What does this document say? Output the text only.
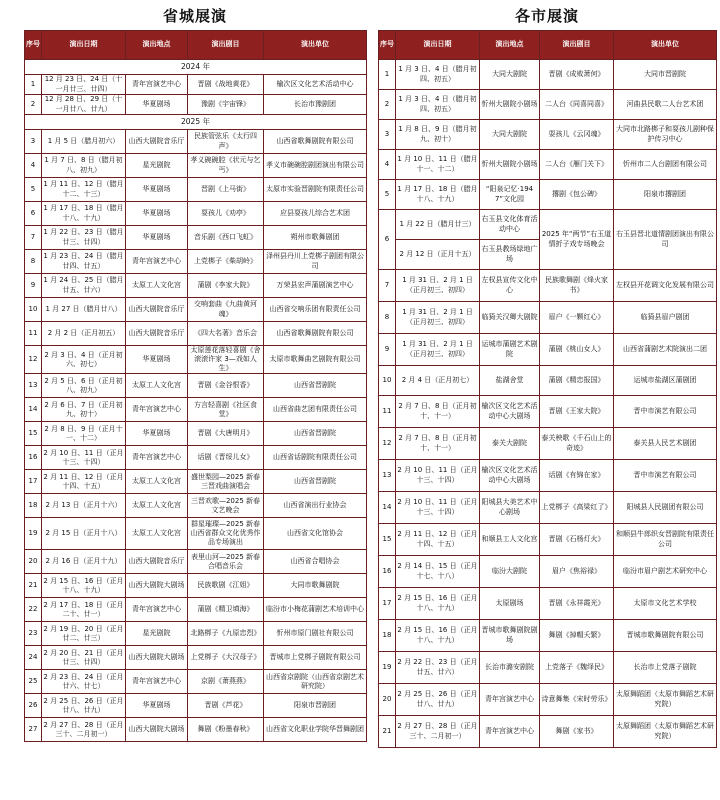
省城展演
序号	演出日期	演出地点	演出剧目	演出单位
2024 年				
1	12 月 23 日、24 日（十一月廿三、廿四）	青年宫演艺中心	晋剧《战地黄花》	榆次区文化艺术活动中心
2	12 月 28 日、29 日（十一月廿八、廿九）	华夏剧场	豫剧《宇宙锋》	长治市豫剧团
2025 年				
3	1 月 5 日（腊月初六）	山西大剧院音乐厅	民族管弦乐《太行四声》	山西省歌舞剧院有限公司
4	1 月 7 日、8 日（腊月初八、初九）	星光剧院	孝义碗碗腔《状元与乞丐》	孝义市碗碗腔剧团演出有限公司
5	1 月 11 日、12 日（腊月十二、十三）	华夏剧场	晋剧《上马街》	太原市实验晋剧院有限责任公司
6	1 月 17 日、18 日（腊月十八、十九）	华夏剧场	耍孩儿《劝亭》	应县耍孩儿综合艺术团
7	1 月 22 日、23 日（腊月廿三、廿四）	华夏剧场	音乐剧《西口飞虹》	朔州市歌舞剧团
8	1 月 23 日、24 日（腊月廿四、廿五）	青年宫演艺中心	上党梆子《柴胡岭》	泽州县丹川上党梆子剧团有限公司
9	1 月 24 日、25 日（腊月廿五、廿六）	太原工人文化宫	蒲剧《李家大院》	万荣县宏声蒲剧演艺中心
10	1 月 27 日（腊月廿八）	山西大剧院音乐厅	交响套曲《九曲黄河魂》	山西省交响乐团有限责任公司
11	2 月 2 日（正月初五）	山西大剧院音乐厅	《四大名著》音乐会	山西省歌舞剧院有限公司
12	2 月 3 日、4 日（正月初六、初七）	华夏剧场	太原莲花落轻喜剧《舍滚滚许家 3—戏如人生》	太原市歌舞曲艺剧院有限公司
13	2 月 5 日、6 日（正月初八、初九）	太原工人文化宫	晋剧《金谷恨香》	山西省晋剧院
14	2 月 6 日、7 日（正月初九、初十）	青年宫演艺中心	方言轻喜剧《社区食堂》	山西省曲艺团有限责任公司
15	2 月 8 日、9 日（正月十一、十二）	华夏剧场	晋剧《大唐明月》	山西省晋剧院
16	2 月 10 日、11 日（正月十三、十四）	青年宫演艺中心	话剧《晋绥儿女》	山西省话剧院有限责任公司
17	2 月 11 日、12 日（正月十四、十五）	太原工人文化宫	盛世梨园—2025 新春三晋戏曲演唱会	山西省晋剧院
18	2 月 13 日（正月十六）	太原工人文化宫	三晋欢歌—2025 新春文艺晚会	山西省演出行业协会
19	2 月 15 日（正月十八）	太原工人文化宫	群星璀璨—2025 新春山西省群众文化优秀作品专场演出	山西省文化馆协会
20	2 月 16 日（正月十九）	山西大剧院音乐厅	表里山河—2025 新春合唱音乐会	山西省合唱协会
21	2 月 15 日、16 日（正月十八、十九）	山西大剧院大剧场	民族歌剧《江姐》	大同市歌舞剧院
22	2 月 17 日、18 日（正月二十、廿一）	青年宫演艺中心	蒲剧《精卫填海》	临汾市小梅花蒲剧艺术培训中心
23	2 月 19 日、20 日（正月廿二、廿三）	星光剧院	北路梆子《九原忠烈》	忻州市原门剧社有限公司
24	2 月 20 日、21 日（正月廿三、廿四）	山西大剧院大剧场	上党梆子《大汉母子》	晋城市上党梆子剧院有限公司
25	2 月 23 日、24 日（正月廿六、廿七）	青年宫演艺中心	京剧《萧燕燕》	山西省京剧院（山西省京剧艺术研究院）
26	2 月 25 日、26 日（正月廿八、廿九）	华夏剧场	晋剧《芦花》	阳泉市晋剧团
27	2 月 27 日、28 日（正月三十、二月初一）	山西大剧院大剧场	舞剧《粉墨春秋》	山西省文化职业学院华晋舞剧团
各市展演
序号	演出日期	演出地点	演出剧目	演出单位
1	1 月 3 日、4 日（腊月初四、初五）	大同大剧院	晋剧《成败萧何》	大同市晋剧院
2	1 月 3 日、4 日（腊月初四、初五）	忻州大剧院小剧场	二人台《同喜同喜》	河曲县民歌二人台艺术团
3	1 月 8 日、9 日（腊月初九、初十）	大同大剧院	耍孩儿《云冈魂》	大同市北路梆子和耍孩儿剧种保护传习中心
4	1 月 10 日、11 日（腊月十一、十二）	忻州大剧院小剧场	二人台《雁门关下》	忻州市二人台剧团有限公司
5	1 月 17 日、18 日（腊月十八、十九）	“阳泉记忆·1947”文化园	撂剧《包公碑》	阳泉市撂剧团
6	1 月 22 日（腊月廿三）	右玉县文化体育活动中心	2025 年“两节”右玉道情折子戏专场晚会	右玉县晋北道情剧团演出有限公司
	2 月 12 日（正月十五）	右玉县教场绿地广场		
7	1 月 31 日、2 月 1 日（正月初三、初四）	左权县宣传文化中心	民族歌舞剧《烽火家书》	左权县开花调文化发展有限公司
8	1 月 31 日、2 月 1 日（正月初三、初四）	临猗关汉卿大剧院	眉户《一颗红心》	临猗县眉户剧团
9	1 月 31 日、2 月 1 日（正月初三、初四）	运城市蒲剧艺术剧院	蒲剧《桃山女人》	山西省蒲剧艺术院演出二团
10	2 月 4 日（正月初七）	盐湖舍堂	蒲剧《精忠报国》	运城市盐湖区蒲剧团
11	2 月 7 日、8 日（正月初十、十一）	榆次区文化艺术活动中心大剧场	晋剧《王家大院》	晋中市演艺有限公司
12	2 月 7 日、8 日（正月初十、十一）	泰关大剧院	泰关秧歌《千石山上的奇迹》	泰关县人民艺术剧团
13	2 月 10 日、11 日（正月十三、十四）	榆次区文化艺术活动中心大剧场	话剧《有锦在家》	晋中市演艺有限公司
14	2 月 10 日、11 日（正月十三、十四）	阳城县大美艺术中心剧场	上党梆子《高梁红了》	阳城县人民剧团有限公司
15	2 月 11 日、12 日（正月十四、十五）	和顺县工人文化宫	晋剧《石杨灯火》	和顺县牛郎织女晋剧院有限责任公司
16	2 月 14 日、15 日（正月十七、十八）	临汾大剧院	眉户《焦裕禄》	临汾市眉户剧艺术研究中心
17	2 月 15 日、16 日（正月十八、十九）	太原剧场	晋剧《永祥霞光》	太原市文化艺术学校
18	2 月 15 日、16 日（正月十八、十九）	晋城市歌舞剧院剧场	舞剧《掉帽夭繁》	晋城市歌舞剧院有限公司
19	2 月 22 日、23 日（正月廿五、廿六）	长治市潞安剧院	上党落子《魏绎民》	长治市上党落子剧院
20	2 月 25 日、26 日（正月廿八、廿九）	青年宫演艺中心	诗意舞集《宋时劳乐》	太原舞蹈团（太原市舞蹈艺术研究院）
21	2 月 27 日、28 日（正月三十、二月初一）	青年宫演艺中心	舞剧《家书》	太原舞蹈团（太原市舞蹈艺术研究院）
